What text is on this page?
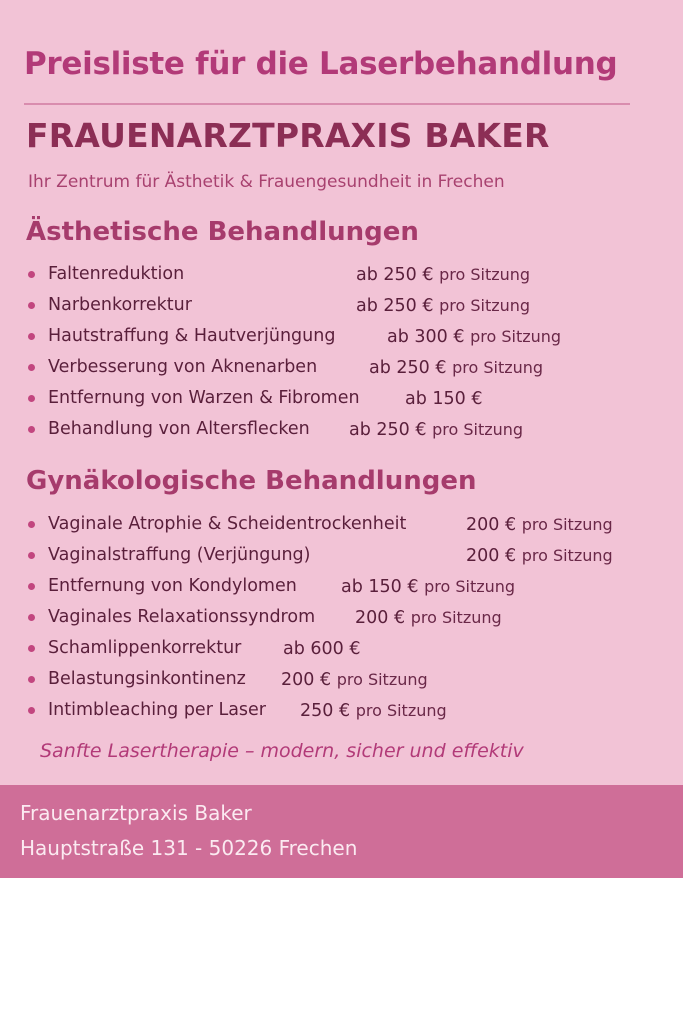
Preisliste für die Laserbehandlung
FRAUENARZTPRAXIS BAKER
Ihr Zentrum für Ästhetik & Frauengesundheit in Frechen
Ästhetische Behandlungen
Faltenreduktion	ab 250 € pro Sitzung
Narbenkorrektur	ab 250 € pro Sitzung
Hautstraffung & Hautverjüngung	ab 300 € pro Sitzung
Verbesserung von Aknenarben	ab 250 € pro Sitzung
Entfernung von Warzen & Fibromen	ab 150 €
Behandlung von Altersflecken ab 250 € pro Sitzung
Gynäkologische Behandlungen
Vaginale Atrophie & Scheidentrockenheit	200 € pro Sitzung
Vaginalstraffung (Verjüngung)	200 € pro Sitzung
Entfernung von Kondylomen	ab 150 € pro Sitzung
Vaginales Relaxationssyndrom 200 € pro Sitzung
Schamlippenkorrektur ab 600 €
Belastungsinkontinenz 200 € pro Sitzung
Intimbleaching per Laser 250 € pro Sitzung
Sanfte Lasertherapie – modern, sicher und effektiv
Frauenarztpraxis Baker
Hauptstraße 131 - 50226 Frechen
